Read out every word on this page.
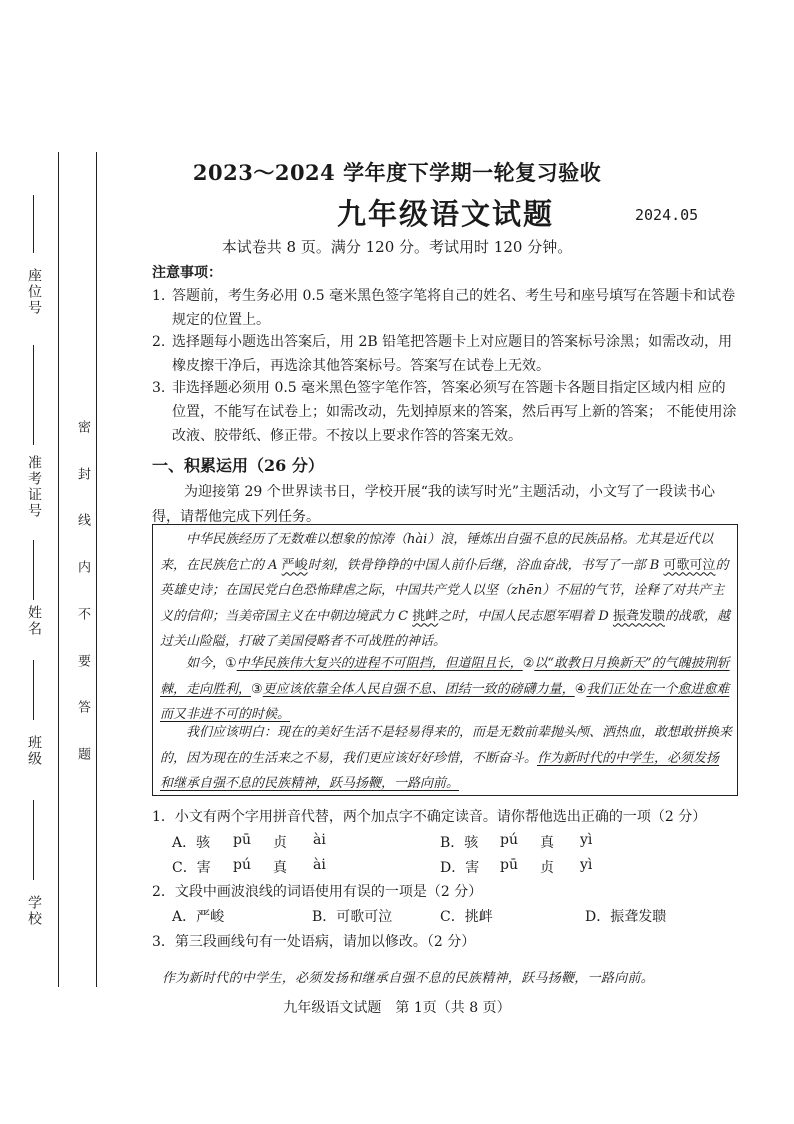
座位号
准考证号
姓名
班级
学校
密
封
线
内
不
要
答
题
2023～2024 学年度下学期一轮复习验收
九年级语文试题	2024.05
本试卷共 8 页。满分 120 分。考试用时 120 分钟。
注意事项：
1. 答题前，考生务必用 0.5 毫米黑色签字笔将自己的姓名、考生号和座号填写在答题卡和试卷规定的位置上。
2. 选择题每小题选出答案后，用 2B 铅笔把答题卡上对应题目的答案标号涂黑；如需改动，用橡皮擦干净后，再选涂其他答案标号。答案写在试卷上无效。
3. 非选择题必须用 0.5 毫米黑色签字笔作答，答案必须写在答题卡各题目指定区域内相 应的位置，不能写在试卷上；如需改动，先划掉原来的答案，然后再写上新的答案； 不能使用涂改液、胶带纸、修正带。不按以上要求作答的答案无效。
一、积累运用（26 分）
为迎接第 29 个世界读书日，学校开展“我的读写时光”主题活动，小文写了一段读书心得，请帮他完成下列任务。
中华民族经历了无数难以想象的惊涛（hài）浪，锤炼出自强不息的民族品格。尤其是近代以来，在民族危亡的 A 严峻时刻，铁骨铮铮的中国人前仆后继，浴血奋战，书写了一部 B 可歌可泣的英雄史诗；在国民党白色恐怖肆虐之际，中国共产党人以坚（zhēn）不屈的气节，诠释了对共产主义的信仰；当美帝国主义在中朝边境武力 C 挑衅之时，中国人民志愿军唱着 D 振聋发聩的战歌，越过关山险隘，打破了美国侵略者不可战胜的神话。
如今，①中华民族伟大复兴的进程不可阻挡，但道阻且长，②以“敢教日月换新天”的气魄披荆斩棘，走向胜利，③更应该依靠全体人民自强不息、团结一致的磅礴力量，④我们正处在一个愈进愈难而又非进不可的时候。
我们应该明白：现在的美好生活不是轻易得来的，而是无数前辈抛头颅、洒热血，敢想敢拼换来的，因为现在的生活来之不易，我们更应该好好珍惜，不断奋斗。作为新时代的中学生，必须发扬和继承自强不息的民族精神，跃马扬鞭，一路向前。
1．小文有两个字用拼音代替，两个加点字不确定读音。请你帮他选出正确的一项（2 分）
A．骇 pū 贞 ài	B．骇 pú 真 yì
C．害 pú 真 ài	D．害 pū 贞 yì
2．文段中画波浪线的词语使用有误的一项是（2 分）
A．严峻	B．可歌可泣	C．挑衅	D．振聋发聩
3．第三段画线句有一处语病，请加以修改。（2 分）
作为新时代的中学生，必须发扬和继承自强不息的民族精神，跃马扬鞭，一路向前。
九年级语文试题　第 1页（共 8 页）
